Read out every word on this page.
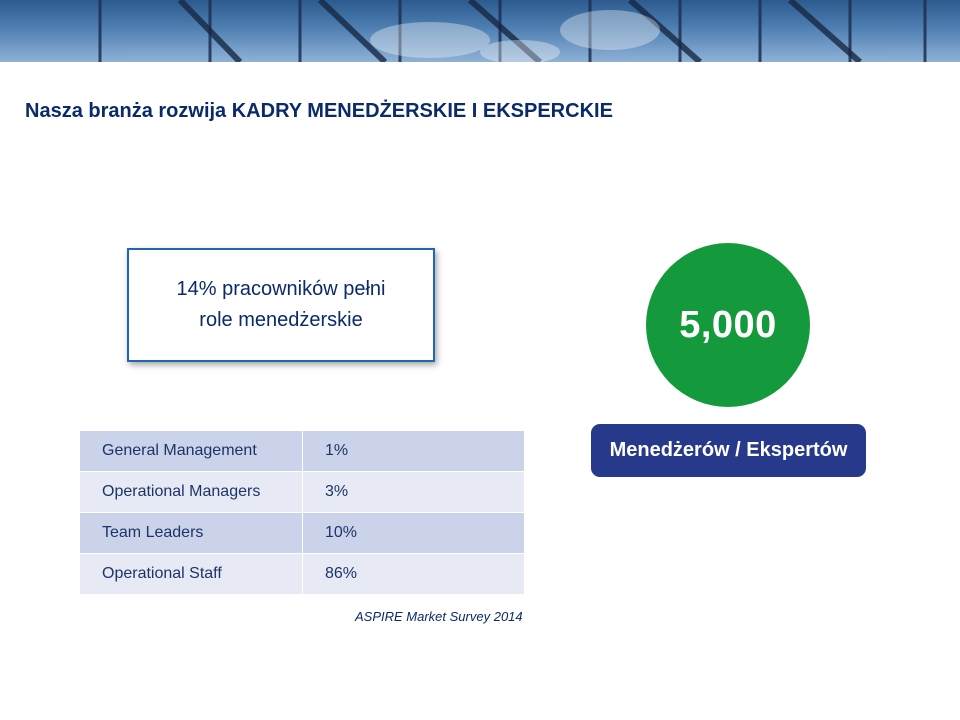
Nasza branża rozwija KADRY MENEDŻERSKIE I EKSPERCKIE
14% pracowników pełni role menedżerskie	5,000
Menedżerów / Ekspertów
General Management	1%
Operational Managers	3%
Team Leaders	10%
Operational Staff	86%
ASPIRE Market Survey 2014
